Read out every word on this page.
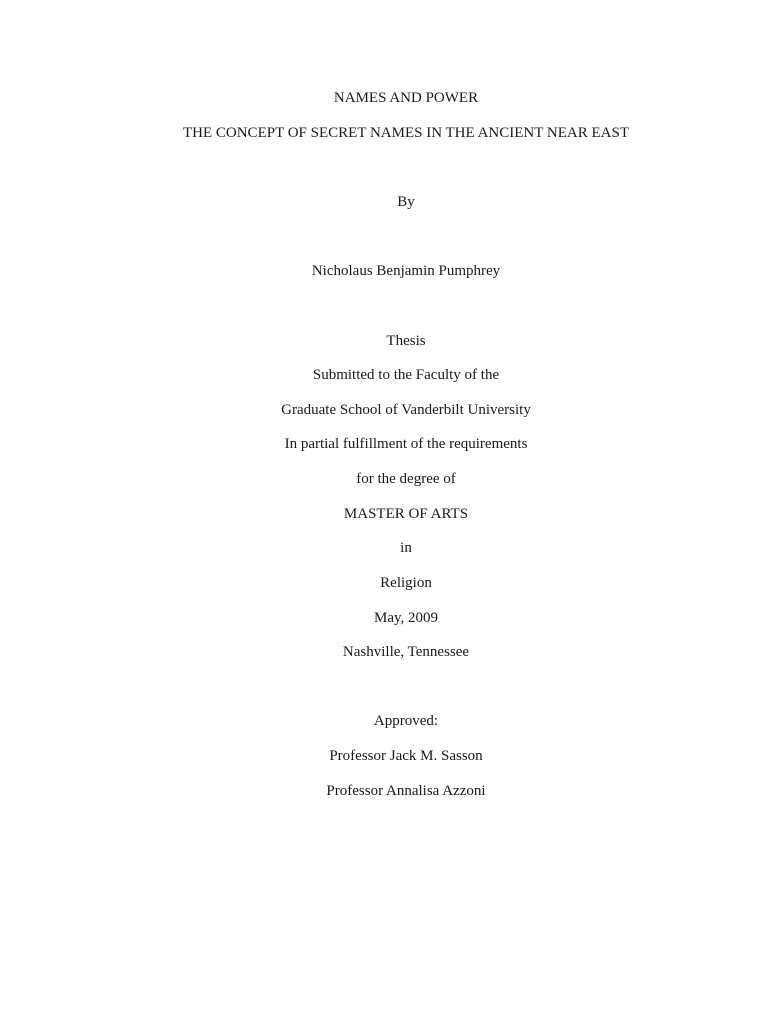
NAMES AND POWER
THE CONCEPT OF SECRET NAMES IN THE ANCIENT NEAR EAST
By
Nicholaus Benjamin Pumphrey
Thesis
Submitted to the Faculty of the
Graduate School of Vanderbilt University
In partial fulfillment of the requirements
for the degree of
MASTER OF ARTS
in
Religion
May, 2009
Nashville, Tennessee
Approved:
Professor Jack M. Sasson
Professor Annalisa Azzoni
